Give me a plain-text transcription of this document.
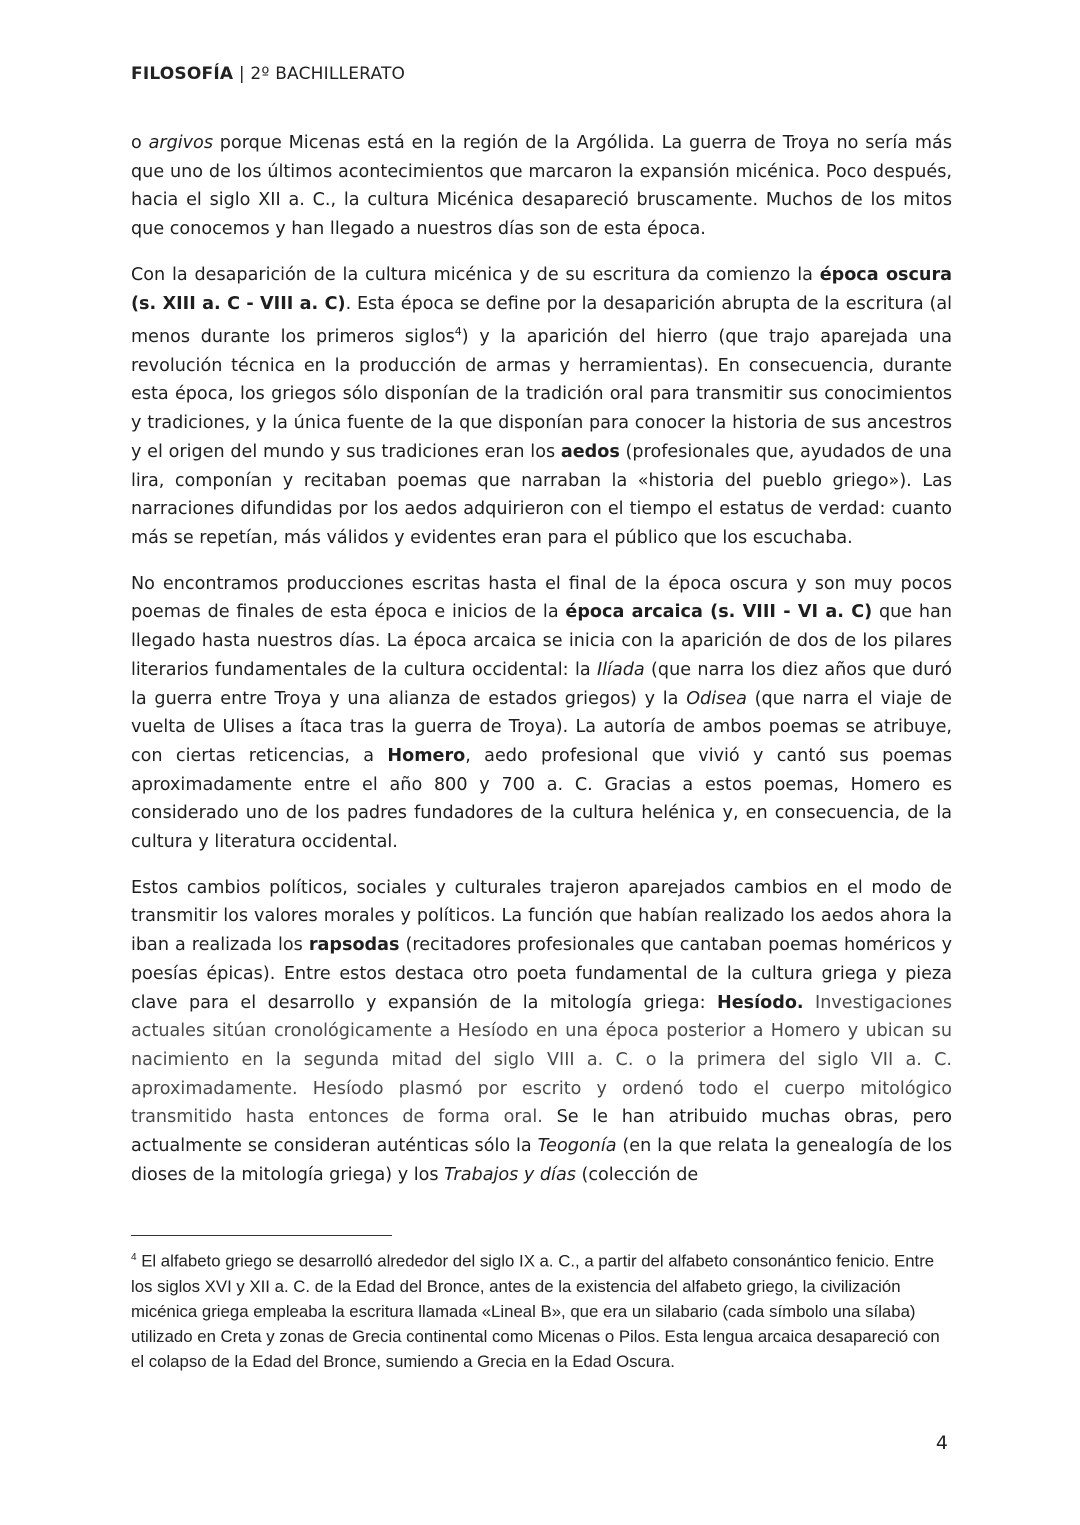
FILOSOFÍA | 2º BACHILLERATO

o argivos porque Micenas está en la región de la Argólida. La guerra de Troya no sería más que uno de los últimos acontecimientos que marcaron la expansión micénica. Poco después, hacia el siglo XII a. C., la cultura Micénica desapareció bruscamente. Muchos de los mitos que conocemos y han llegado a nuestros días son de esta época.

Con la desaparición de la cultura micénica y de su escritura da comienzo la época oscura (s. XIII a. C - VIII a. C). Esta época se define por la desaparición abrupta de la escritura (al menos durante los primeros siglos$^4$) y la aparición del hierro (que trajo aparejada una revolución técnica en la producción de armas y herramientas). En consecuencia, durante esta época, los griegos sólo disponían de la tradición oral para transmitir sus conocimientos y tradiciones, y la única fuente de la que disponían para conocer la historia de sus ancestros y el origen del mundo y sus tradiciones eran los aedos (profesionales que, ayudados de una lira, componían y recitaban poemas que narraban la «historia del pueblo griego»). Las narraciones difundidas por los aedos adquirieron con el tiempo el estatus de verdad: cuanto más se repetían, más válidos y evidentes eran para el público que los escuchaba.

No encontramos producciones escritas hasta el final de la época oscura y son muy pocos poemas de finales de esta época e inicios de la época arcaica (s. VIII - VI a. C) que han llegado hasta nuestros días. La época arcaica se inicia con la aparición de dos de los pilares literarios fundamentales de la cultura occidental: la Ilíada (que narra los diez años que duró la guerra entre Troya y una alianza de estados griegos) y la Odisea (que narra el viaje de vuelta de Ulises a ítaca tras la guerra de Troya). La autoría de ambos poemas se atribuye, con ciertas reticencias, a Homero, aedo profesional que vivió y cantó sus poemas aproximadamente entre el año 800 y 700 a. C. Gracias a estos poemas, Homero es considerado uno de los padres fundadores de la cultura helénica y, en consecuencia, de la cultura y literatura occidental.

Estos cambios políticos, sociales y culturales trajeron aparejados cambios en el modo de transmitir los valores morales y políticos. La función que habían realizado los aedos ahora la iban a realizada los rapsodas (recitadores profesionales que cantaban poemas homéricos y poesías épicas). Entre estos destaca otro poeta fundamental de la cultura griega y pieza clave para el desarrollo y expansión de la mitología griega: Hesíodo. Investigaciones actuales sitúan cronológicamente a Hesíodo en una época posterior a Homero y ubican su nacimiento en la segunda mitad del siglo VIII a. C. o la primera del siglo VII a. C. aproximadamente. Hesíodo plasmó por escrito y ordenó todo el cuerpo mitológico transmitido hasta entonces de forma oral. Se le han atribuido muchas obras, pero actualmente se consideran auténticas sólo la Teogonía (en la que relata la genealogía de los dioses de la mitología griega) y los Trabajos y días (colección de

$^4$ El alfabeto griego se desarrolló alrededor del siglo IX a. C., a partir del alfabeto consonántico fenicio. Entre los siglos XVI y XII a. C. de la Edad del Bronce, antes de la existencia del alfabeto griego, la civilización micénica griega empleaba la escritura llamada «Lineal B», que era un silabario (cada símbolo una sílaba) utilizado en Creta y zonas de Grecia continental como Micenas o Pilos. Esta lengua arcaica desapareció con el colapso de la Edad del Bronce, sumiendo a Grecia en la Edad Oscura.
4
